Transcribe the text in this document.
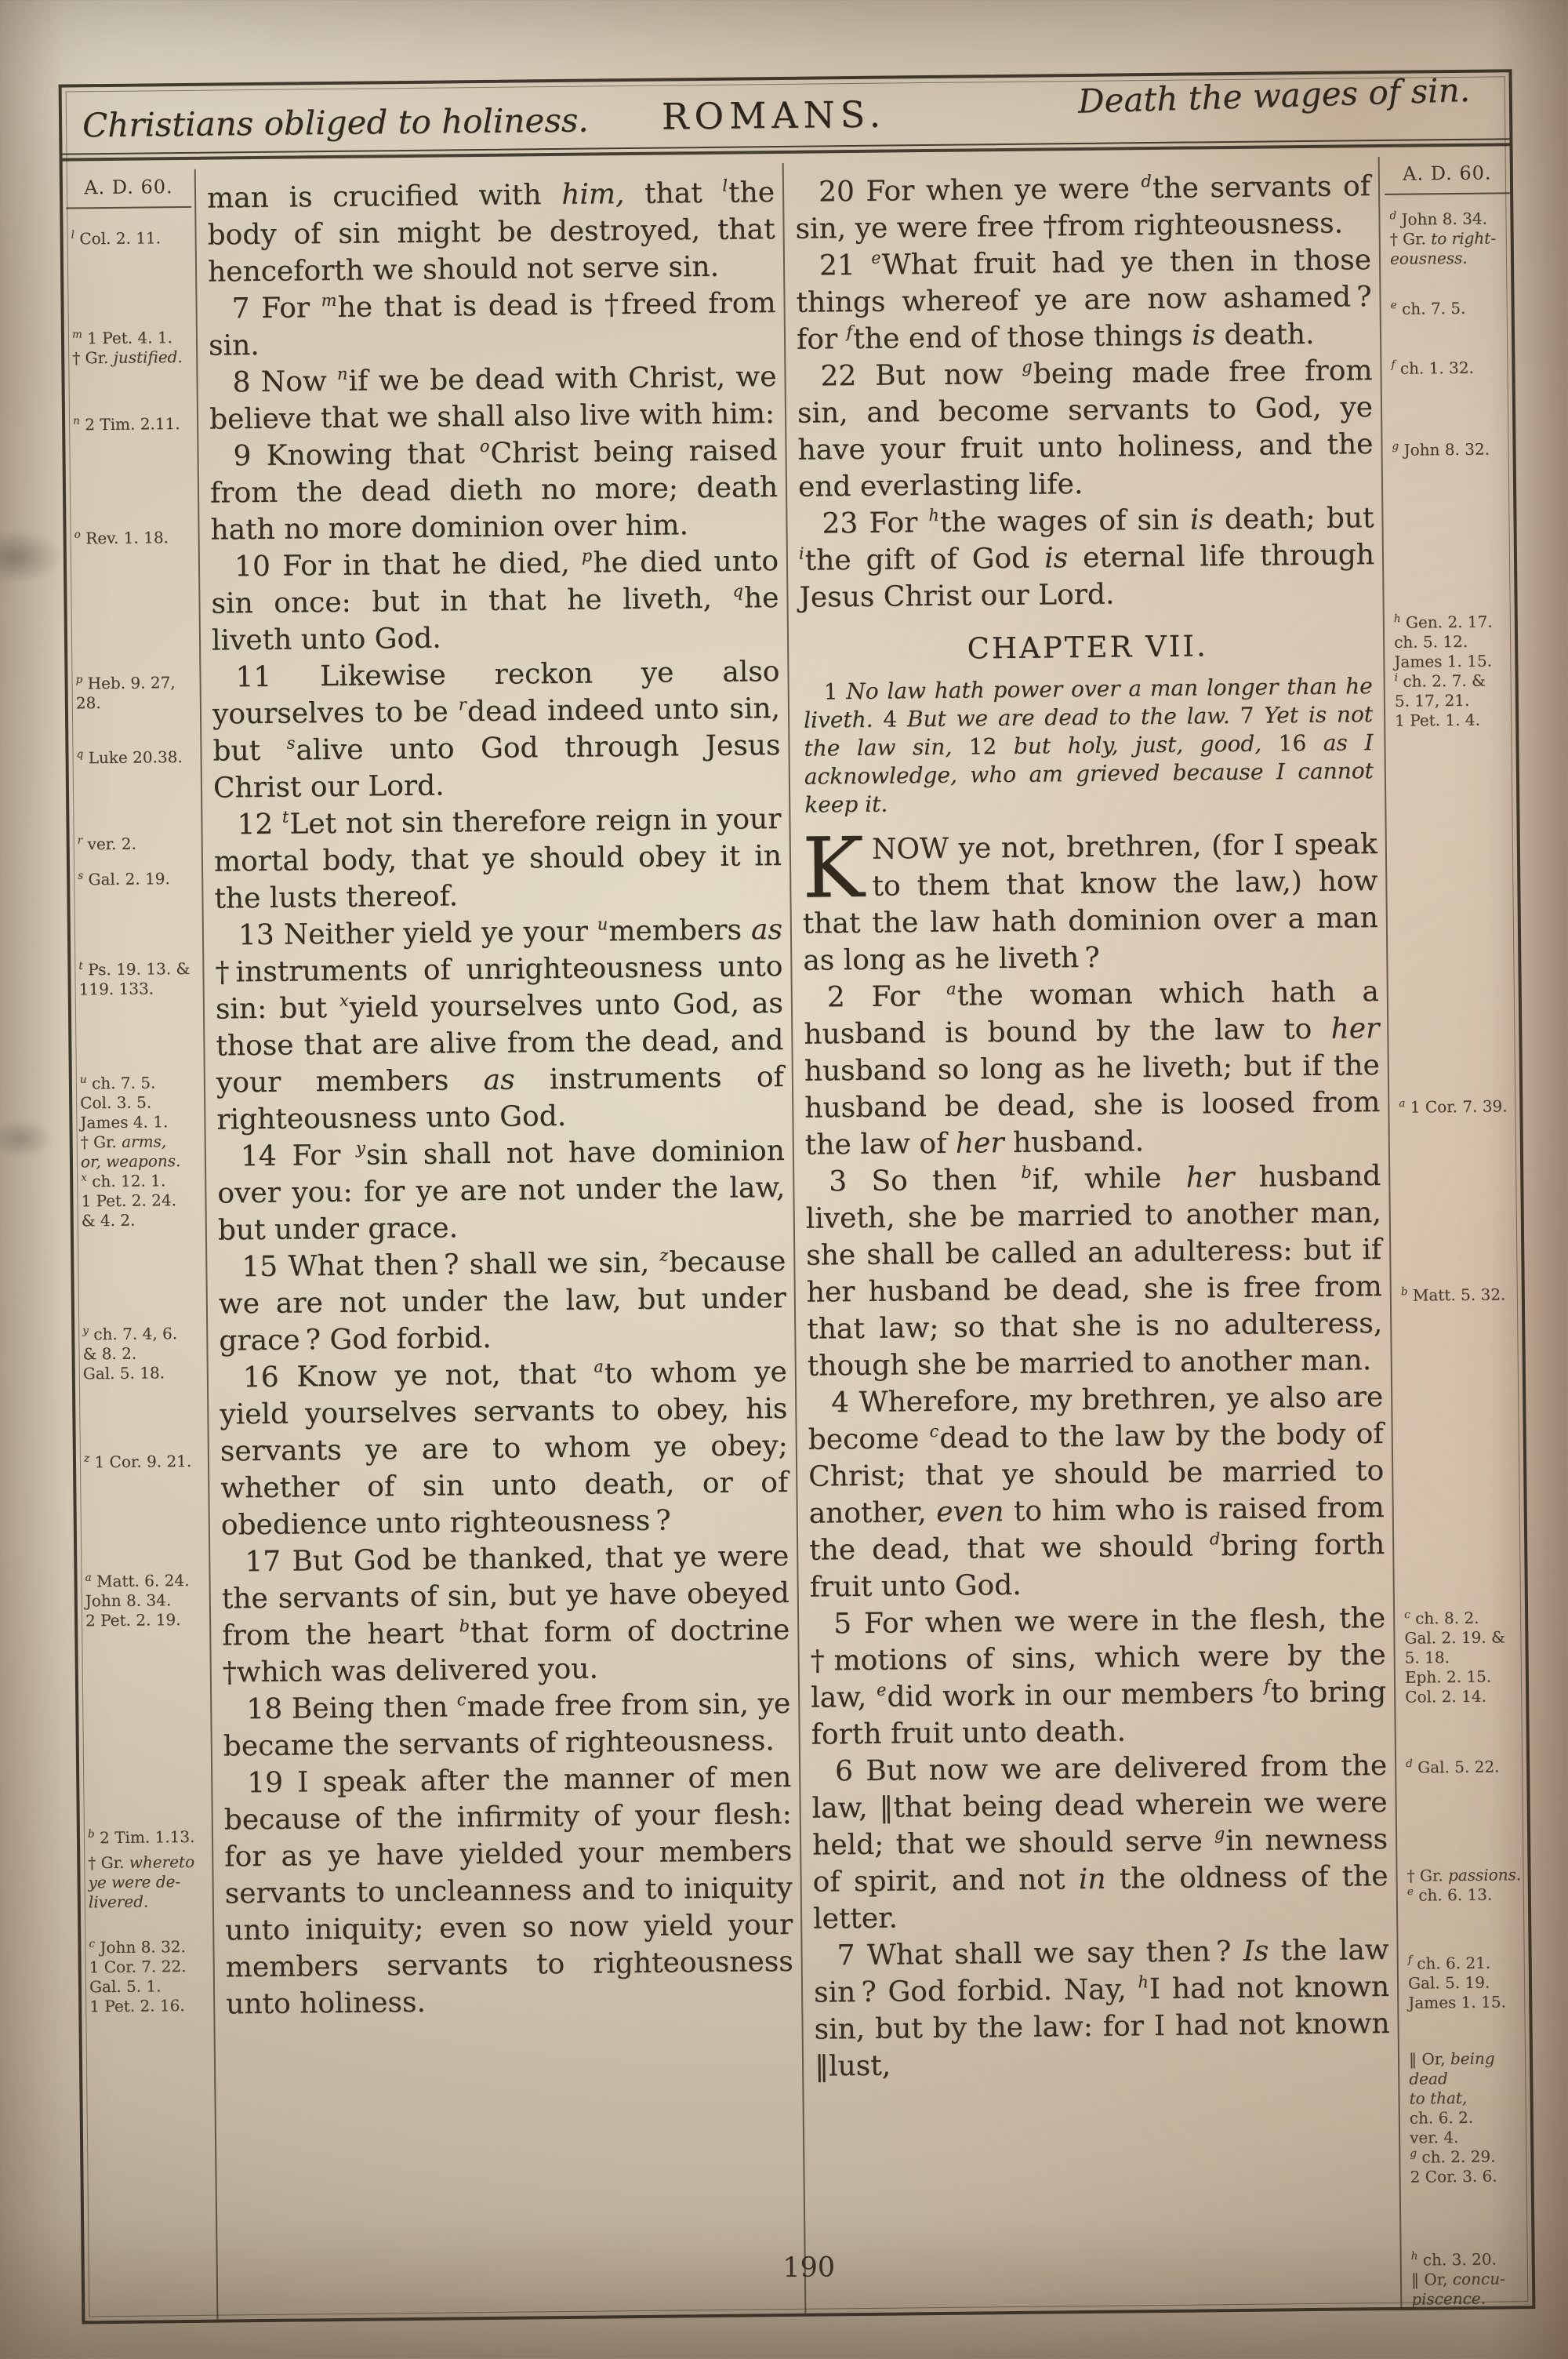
Christians obliged to holiness.	ROMANS.	Death the wages of sin.
A. D. 60.
$^l$ Col. 2. 11.
$^m$ 1 Pet. 4. 1.
† Gr. justified.
$^n$ 2 Tim. 2.11.
$^o$ Rev. 1. 18.
$^p$ Heb. 9. 27,
28.
$^q$ Luke 20.38.
$^r$ ver. 2.
$^s$ Gal. 2. 19.
$^t$ Ps. 19. 13. &
119. 133.
$^u$ ch. 7. 5.
Col. 3. 5.
James 4. 1.
† Gr. arms,
or, weapons.
$^x$ ch. 12. 1.
1 Pet. 2. 24.
& 4. 2.
$^y$ ch. 7. 4, 6.
& 8. 2.
Gal. 5. 18.
$^z$ 1 Cor. 9. 21.
$^a$ Matt. 6. 24.
John 8. 34.
2 Pet. 2. 19.
$^b$ 2 Tim. 1.13.
† Gr. whereto
ye were de-
livered.
$^c$ John 8. 32.
1 Cor. 7. 22.
Gal. 5. 1.
1 Pet. 2. 16.
A. D. 60.
$^d$ John 8. 34.
† Gr. to right-
eousness.
$^e$ ch. 7. 5.
$^f$ ch. 1. 32.
$^g$ John 8. 32.
$^h$ Gen. 2. 17.
ch. 5. 12.
James 1. 15.
$^i$ ch. 2. 7. &
5. 17, 21.
1 Pet. 1. 4.
$^a$ 1 Cor. 7. 39.
$^b$ Matt. 5. 32.
$^c$ ch. 8. 2.
Gal. 2. 19. &
5. 18.
Eph. 2. 15.
Col. 2. 14.
$^d$ Gal. 5. 22.
† Gr. passions.
$^e$ ch. 6. 13.
$^f$ ch. 6. 21.
Gal. 5. 19.
James 1. 15.
‖ Or, being dead
to that,
ch. 6. 2.
ver. 4.
$^g$ ch. 2. 29.
2 Cor. 3. 6.
$^h$ ch. 3. 20.
‖ Or, concu-
piscence.

man is crucified with him, that $^l$the body of sin might be destroyed, that henceforth we should not serve sin.

7 For $^m$he that is dead is †freed from sin.

8 Now $^n$if we be dead with Christ, we believe that we shall also live with him:

9 Knowing that $^o$Christ being raised from the dead dieth no more; death hath no more dominion over him.

10 For in that he died, $^p$he died unto sin once: but in that he liveth, $^q$he liveth unto God.

11 Likewise reckon ye also yourselves to be $^r$dead indeed unto sin, but $^s$alive unto God through Jesus Christ our Lord.

12 $^t$Let not sin therefore reign in your mortal body, that ye should obey it in the lusts thereof.

13 Neither yield ye your $^u$members as †instruments of unrighteousness unto sin: but $^x$yield yourselves unto God, as those that are alive from the dead, and your members as instruments of righteousness unto God.

14 For $^y$sin shall not have dominion over you: for ye are not under the law, but under grace.

15 What then ? shall we sin, $^z$because we are not under the law, but under grace ? God forbid.

16 Know ye not, that $^a$to whom ye yield yourselves servants to obey, his servants ye are to whom ye obey; whether of sin unto death, or of obedience unto righteousness ?

17 But God be thanked, that ye were the servants of sin, but ye have obeyed from the heart $^b$that form of doctrine †which was delivered you.

18 Being then $^c$made free from sin, ye became the servants of righteousness.

19 I speak after the manner of men because of the infirmity of your flesh: for as ye have yielded your members servants to uncleanness and to iniquity unto iniquity; even so now yield your members servants to righteousness unto holiness.

20 For when ye were $^d$the servants of sin, ye were free †from righteousness.

21 $^e$What fruit had ye then in those things whereof ye are now ashamed ? for $^f$the end of those things is death.

22 But now $^g$being made free from sin, and become servants to God, ye have your fruit unto holiness, and the end everlasting life.

23 For $^h$the wages of sin is death; but $^i$the gift of God is eternal life through Jesus Christ our Lord.

CHAPTER VII.

1 No law hath power over a man longer than he liveth. 4 But we are dead to the law. 7 Yet is not the law sin, 12 but holy, just, good, 16 as I acknowledge, who am grieved because I cannot keep it.

KNOW ye not, brethren, (for I speak to them that know the law,) how that the law hath dominion over a man as long as he liveth ?

2 For $^a$the woman which hath a husband is bound by the law to her husband so long as he liveth; but if the husband be dead, she is loosed from the law of her husband.

3 So then $^b$if, while her husband liveth, she be married to another man, she shall be called an adulteress: but if her husband be dead, she is free from that law; so that she is no adulteress, though she be married to another man.

4 Wherefore, my brethren, ye also are become $^c$dead to the law by the body of Christ; that ye should be married to another, even to him who is raised from the dead, that we should $^d$bring forth fruit unto God.

5 For when we were in the flesh, the †motions of sins, which were by the law, $^e$did work in our members $^f$to bring forth fruit unto death.

6 But now we are delivered from the law, ‖that being dead wherein we were held; that we should serve $^g$in newness of spirit, and not in the oldness of the letter.

7 What shall we say then ? Is the law sin ? God forbid. Nay, $^h$I had not known sin, but by the law: for I had not known ‖lust,

190
